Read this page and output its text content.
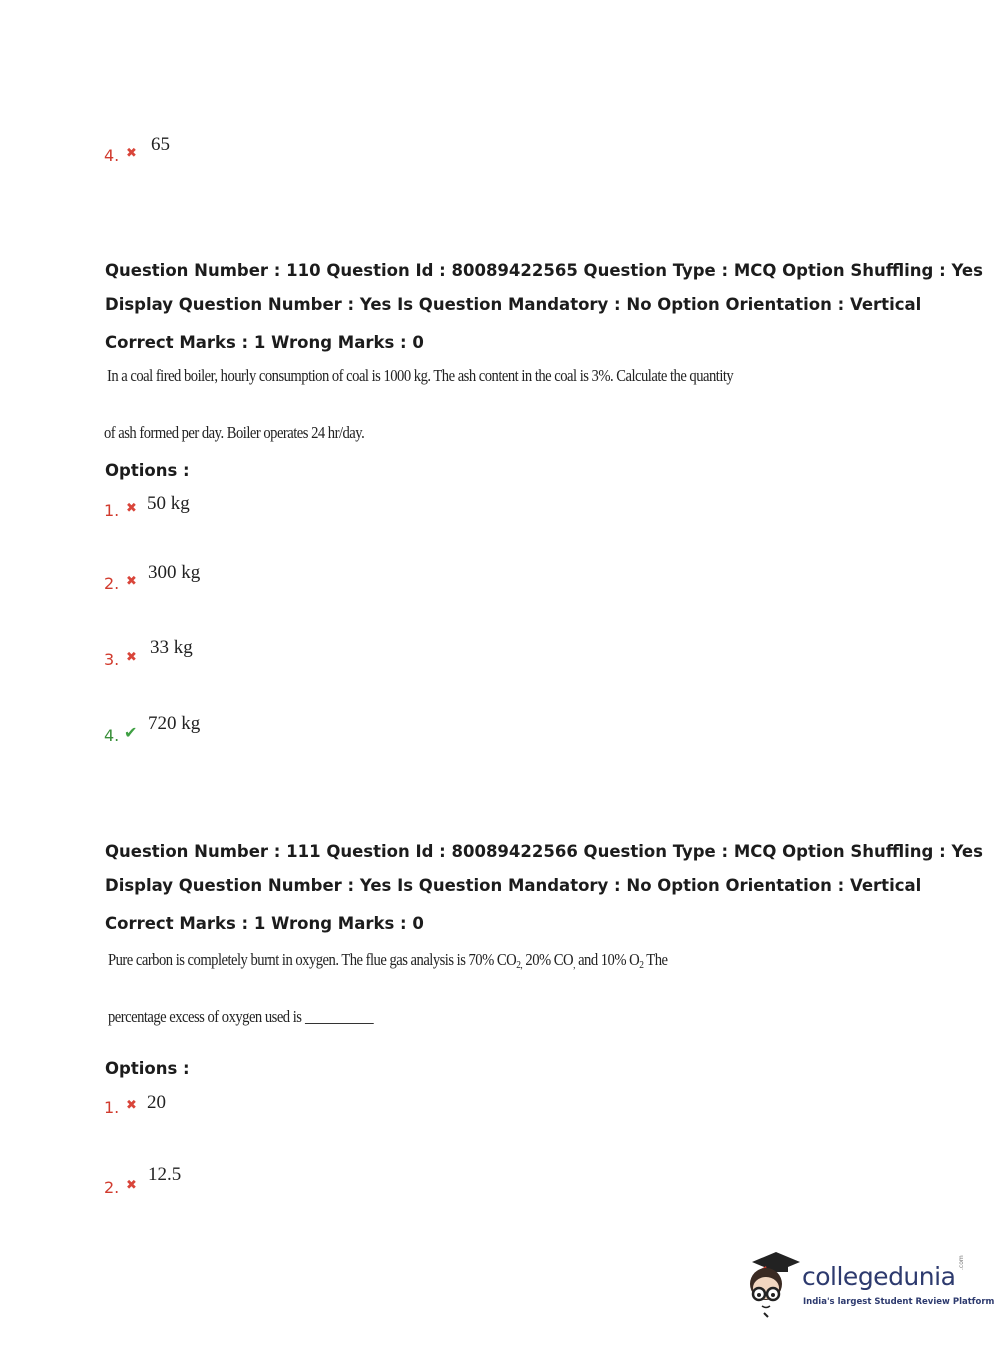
4. ✖ 65
Question Number : 110 Question Id : 80089422565 Question Type : MCQ Option Shuffling : Yes
Display Question Number : Yes Is Question Mandatory : No Option Orientation : Vertical
Correct Marks : 1 Wrong Marks : 0
In a coal fired boiler, hourly consumption of coal is 1000 kg. The ash content in the coal is 3%. Calculate the quantity
of ash formed per day. Boiler operates 24 hr/day.
Options :
1. ✖ 50 kg
2. ✖ 300 kg
3. ✖ 33 kg
4. ✔ 720 kg
Question Number : 111 Question Id : 80089422566 Question Type : MCQ Option Shuffling : Yes
Display Question Number : Yes Is Question Mandatory : No Option Orientation : Vertical
Correct Marks : 1 Wrong Marks : 0
Pure carbon is completely burnt in oxygen. The flue gas analysis is 70% $CO_{2,}$ 20% $CO_,$ and 10% $O_2$ The
percentage excess of oxygen used is
Options :
1. ✖ 20
2. ✖
12.5
collegedunia .com
India's largest Student Review Platform
